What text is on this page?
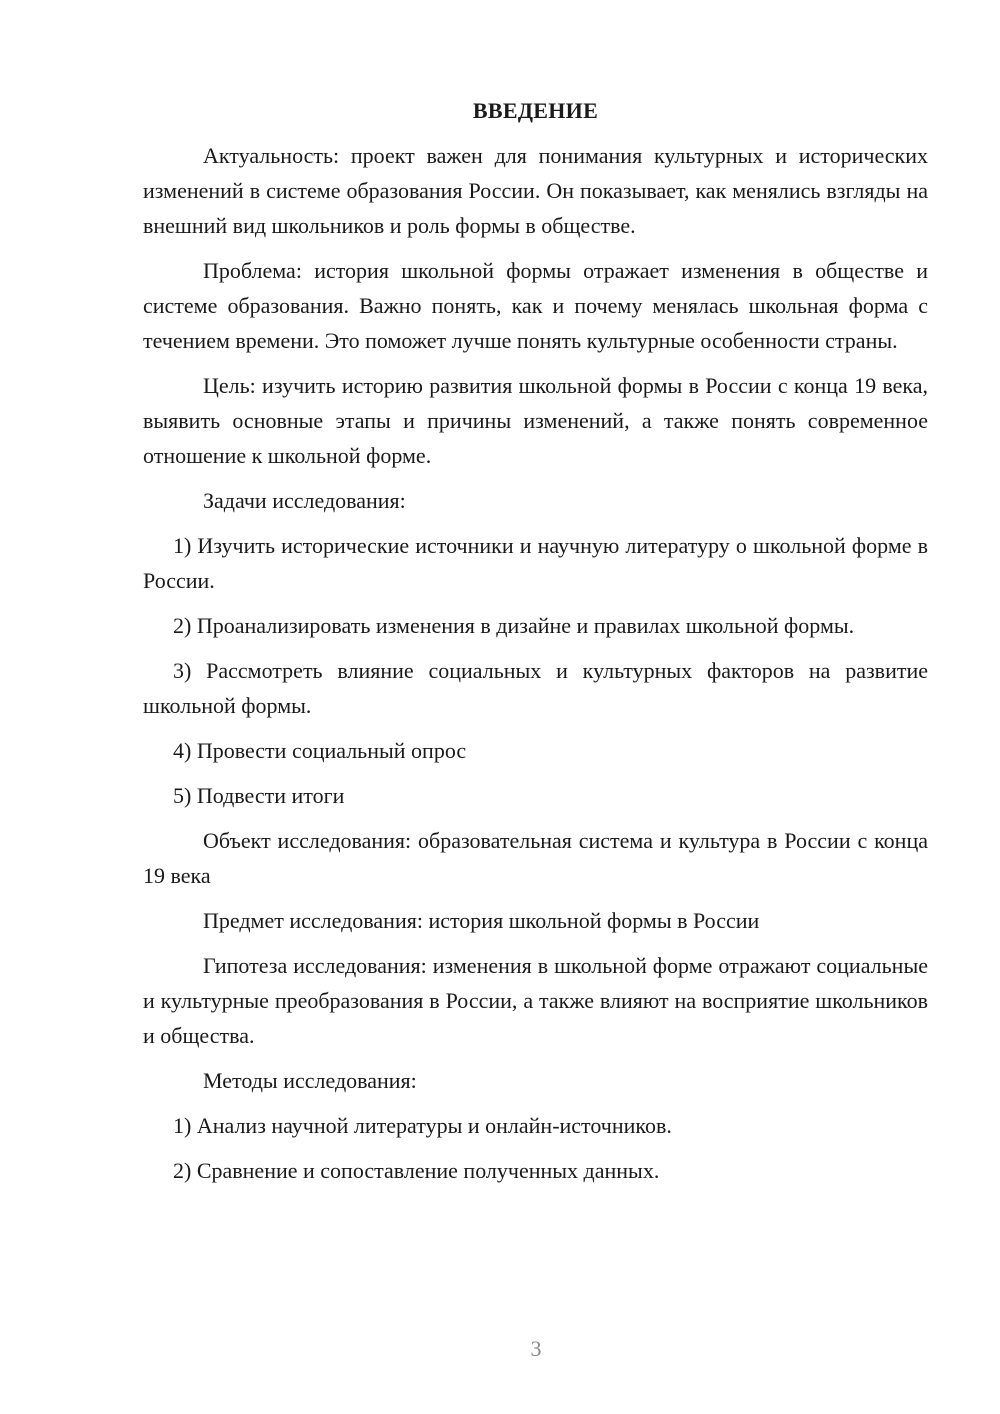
ВВЕДЕНИЕ
Актуальность: проект важен для понимания культурных и исторических изменений в системе образования России. Он показывает, как менялись взгляды на внешний вид школьников и роль формы в обществе.
Проблема: история школьной формы отражает изменения в обществе и системе образования. Важно понять, как и почему менялась школьная форма с течением времени. Это поможет лучше понять культурные особенности страны.
Цель: изучить историю развития школьной формы в России с конца 19 века, выявить основные этапы и причины изменений, а также понять современное отношение к школьной форме.
Задачи исследования:
1) Изучить исторические источники и научную литературу о школьной форме в России.
2) Проанализировать изменения в дизайне и правилах школьной формы.
3) Рассмотреть влияние социальных и культурных факторов на развитие школьной формы.
4) Провести социальный опрос
5) Подвести итоги
Объект исследования: образовательная система и культура в России с конца 19 века
Предмет исследования: история школьной формы в России
Гипотеза исследования: изменения в школьной форме отражают социальные и культурные преобразования в России, а также влияют на восприятие школьников и общества.
Методы исследования:
1) Анализ научной литературы и онлайн-источников.
2) Сравнение и сопоставление полученных данных.
3
